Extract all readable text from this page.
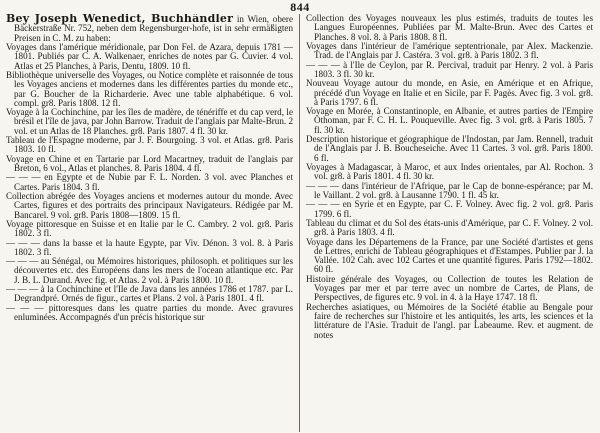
844

Bey Joseph Wenedict, Buchhändler in Wien, obere Bäckerstraße Nr. 752, neben dem Regensburger-hofe, ist in sehr ermäßigten Preisen in C. M. zu haben:

Voyages dans l'amérique méridionale, par Don Fel. de Azara, depuis 1781 — 1801. Publiés par C. A. Walkenaer, enriches de notes par G. Cuvier. 4 vol. Atlas et 25 Planches, à Paris, Dentu, 1809. 10 fl.

Bibliothèque universelle des Voyages, ou Notice complète et raisonnée de tous les Voyages anciens et modernes dans les différentes parties du monde etc., par G. Boucher de la Richarderie. Avec une table alphabétique. 6 vol. compl. gr8. Paris 1808. 12 fl.

Voyage à la Cochinchine, par les îles de madère, de ténériffe et du cap verd, le brésil et l'île de java, par John Barrow. Traduit de l'anglais par Malte-Brun. 2 vol. et un Atlas de 18 Planches. gr8. Paris 1807. 4 fl. 30 kr.

Tableau de l'Espagne moderne, par J. F. Bourgoing. 3 vol. et Atlas. gr8. Paris 1803. 10 fl.

Voyage en Chine et en Tartarie par Lord Macartney, traduit de l'anglais par Breton, 6 vol., Atlas et planches. 8. Paris 1804. 4 fl.

— — — en Egypte et de Nubie par F. L. Norden. 3 vol. avec Planches et Cartes. Paris 1804. 3 fl.

Collection abrégée des Voyages anciens et modernes autour du monde. Avec Cartes, figures et des portraits des principaux Navigateurs. Rédigée par M. Bancarel. 9 vol. gr8. Paris 1808—1809. 15 fl.

Voyage pittoresque en Suisse et en Italie par le C. Cambry. 2 vol. gr8. Paris 1802. 3 fl.

— — — dans la basse et la haute Egypte, par Viv. Dénon. 3 vol. 8. à Paris 1802. 3 fl.

— — — au Sénégal, ou Mémoires historiques, philosoph. et politiques sur les découvertes etc. des Européens dans les mers de l'ocean atlantique etc. Par J. B. L. Durand. Avec fig. et Atlas. 2 vol. à Paris 1800. 10 fl.

— — — à la Cochinchine et l'Ile de Java dans les années 1786 et 1787. par L. Degrandpré. Ornés de figur., cartes et Plans. 2 vol. à Paris 1801. 4 fl.

— — — pittoresques dans les quatre parties du monde. Avec gravures enluminées. Accompagnés d'un précis historique sur

Collection des Voyages nouveaux les plus estimés, traduits de toutes les Langues Européennes. Publiées par M. Malte-Brun. Avec des Cartes et Planches. 8 vol. 8. à Paris 1808. 8 fl.

Voyages dans l'intérieur de l'amérique septentrionale, par Alex. Mackenzie. Trad. de l'Anglais par J. Castéra. 3 vol. gr8. à Paris 1802. 3 fl.

— — — à l'Ile de Ceylon, par R. Percival, traduit par Henry. 2 vol. à Paris 1803. 3 fl. 30 kr.

Nouveau Voyage autour du monde, en Asie, en Amérique et en Afrique, précédé d'un Voyage en Italie et en Sicile, par F. Pagès. Avec fig. 3 vol. gr8. à Paris 1797. 6 fl.

Voyage en Morée, à Constantinople, en Albanie, et autres parties de l'Empire Othoman, par F. C. H. L. Pouqueville. Avec fig. 3 vol. gr8. à Paris 1805. 7 fl. 30 kr.

Description historique et géographique de l'Indostan, par Jam. Rennell, traduit de l'Anglais par J. B. Boucheseiche. Avec 11 Cartes. 3 vol. gr8. Paris 1800. 6 fl.

Voyages à Madagascar, à Maroc, et aux Indes orientales, par Al. Rochon. 3 vol. gr8. à Paris 1801. 4 fl. 30 kr.

— — — dans l'intérieur de l'Afrique, par le Cap de bonne-espérance; par M. le Vaillant. 2 vol. gr8. à Lausanne 1790. 1 fl. 45 kr.

— — — en Syrie et en Egypte, par C. F. Volney. Avec fig. 2 vol. gr8. Paris 1799. 6 fl.

Tableau du climat et du Sol des états-unis d'Amérique, par C. F. Volney. 2 vol. gr8. à Paris 1803. 4 fl.

Voyage dans les Départemens de la France, par une Société d'artistes et gens de Lettres, enrichi de Tableau géographiques et d'Estampes. Publier par J. la Vallée. 102 Cah. avec 102 Cartes et une quantité figures. Paris 1792—1802. 60 fl.

Histoire générale des Voyages, ou Collection de toutes les Relation de Voyages par mer et par terre avec un nombre de Cartes, de Plans, de Perspectives, de figures etc. 9 vol. in 4. à la Haye 1747. 18 fl.

Recherches asiatiques, ou Mémoires de la Société établie au Bengale pour faire de recherches sur l'histoire et les antiquités, les arts, les sciences et la littérature de l'Asie. Traduit de l'angl. par Labeaume. Rev. et augment. de notes
